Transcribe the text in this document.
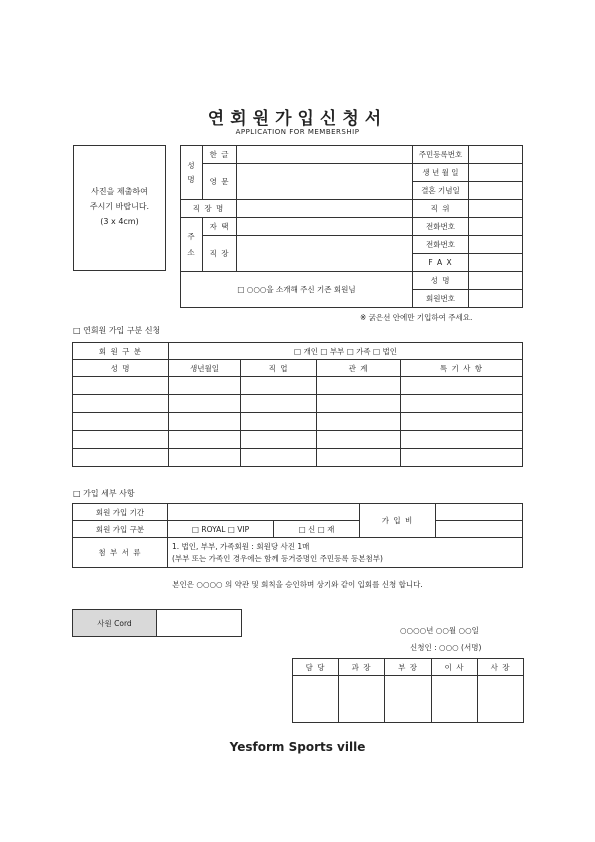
연회원가입신청서
APPLICATION FOR MEMBERSHIP
사진을 제출하여
주시기 바랍니다.
(3 x 4cm)
성
명	한 글		주민등록번호	
	영 문		생 년 월 일	
			결혼 기념일	
직 장 명			직 위	

주
소	자 택		전화번호	
	직 장		전화번호	
			F A X	
□ ○○○을 소개해 주신 기존 회원님			성 명	
			회원번호	
※ 굵은선 안에만 기입하여 주세요.
□ 연회원 가입 구분 신청
회 원 구 분	□ 개인 □ 부부 □ 가족 □ 법인			
성 명	생년월일	직 업	관 계	특 기 사 항

□ 가입 세부 사항
회원 가입 기간			가 입 비	
회원 가입 구분	□ ROYAL □ VIP	□ 신 □ 재		
첨 부 서 류	1. 법인, 부부, 가족회원 : 회원당 사진 1매
(부부 또는 가족인 경우에는 함께 등거증명인 주민등록 등본첨부)			
본인은 ○○○○ 의 약관 및 회칙을 승인하며 상기와 같이 입회를 신청 합니다.
사원 Cord	
○○○○년 ○○월 ○○일
신청인 : ○○○ (서명)
담 당	과 장	부 장	이 사	사 장

Yesform Sports ville
